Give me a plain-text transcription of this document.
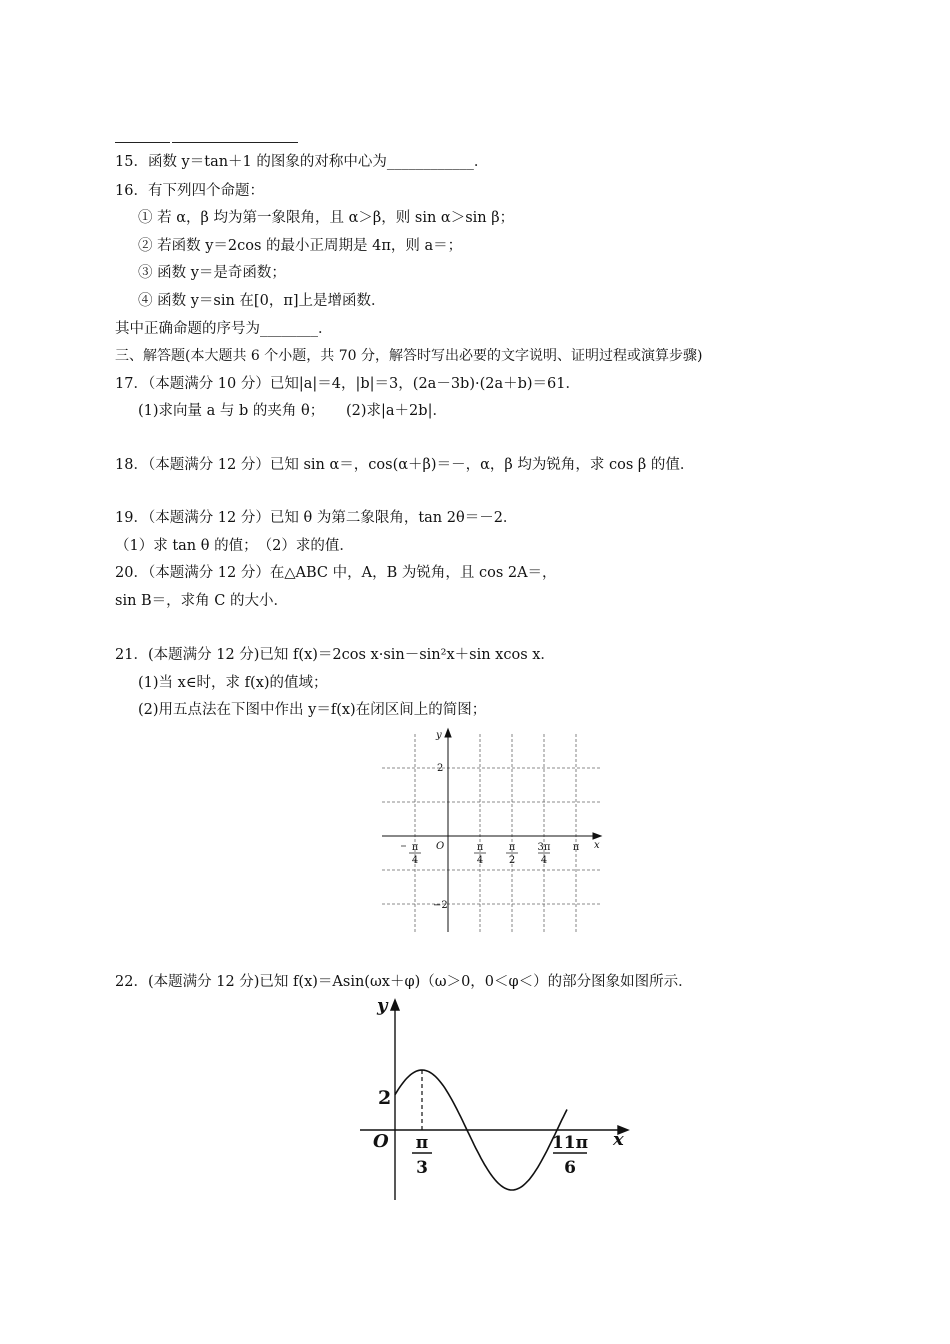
15．函数 y＝tan＋1 的图象的对称中心为____________．
16．有下列四个命题：
① 若 α，β 均为第一象限角，且 α＞β，则 sin α＞sin β；
② 若函数 y＝2cos 的最小正周期是 4π，则 a＝；
③ 函数 y＝是奇函数；
④ 函数 y＝sin 在[0，π]上是增函数．
其中正确命题的序号为________．
三、解答题(本大题共 6 个小题，共 70 分，解答时写出必要的文字说明、证明过程或演算步骤)
17．（本题满分 10 分）已知|a|＝4，|b|＝3，(2a－3b)·(2a＋b)＝61．
(1)求向量 a 与 b 的夹角 θ；　　(2)求|a＋2b|．
18．（本题满分 12 分）已知 sin α＝，cos(α＋β)＝－，α，β 均为锐角，求 cos β 的值．
19．（本题满分 12 分）已知 θ 为第二象限角，tan 2θ＝－2．
（1）求 tan θ 的值；　（2）求的值．
20．（本题满分 12 分）在△ABC 中，A，B 为锐角，且 cos 2A＝，
sin B＝，求角 C 的大小．
21．(本题满分 12 分)已知 f(x)＝2cos x·sin－sin²x＋sin xcos x．
(1)当 x∈时，求 f(x)的值域；
(2)用五点法在下图中作出 y＝f(x)在闭区间上的简图；
y
x
O
2
−2
π
4
π
4
π
2
3π
4
π
22．(本题满分 12 分)已知 f(x)＝Asin(ωx＋φ)（ω＞0，0＜φ＜）的部分图象如图所示．
y
x
O
2
π
3
11π
6
